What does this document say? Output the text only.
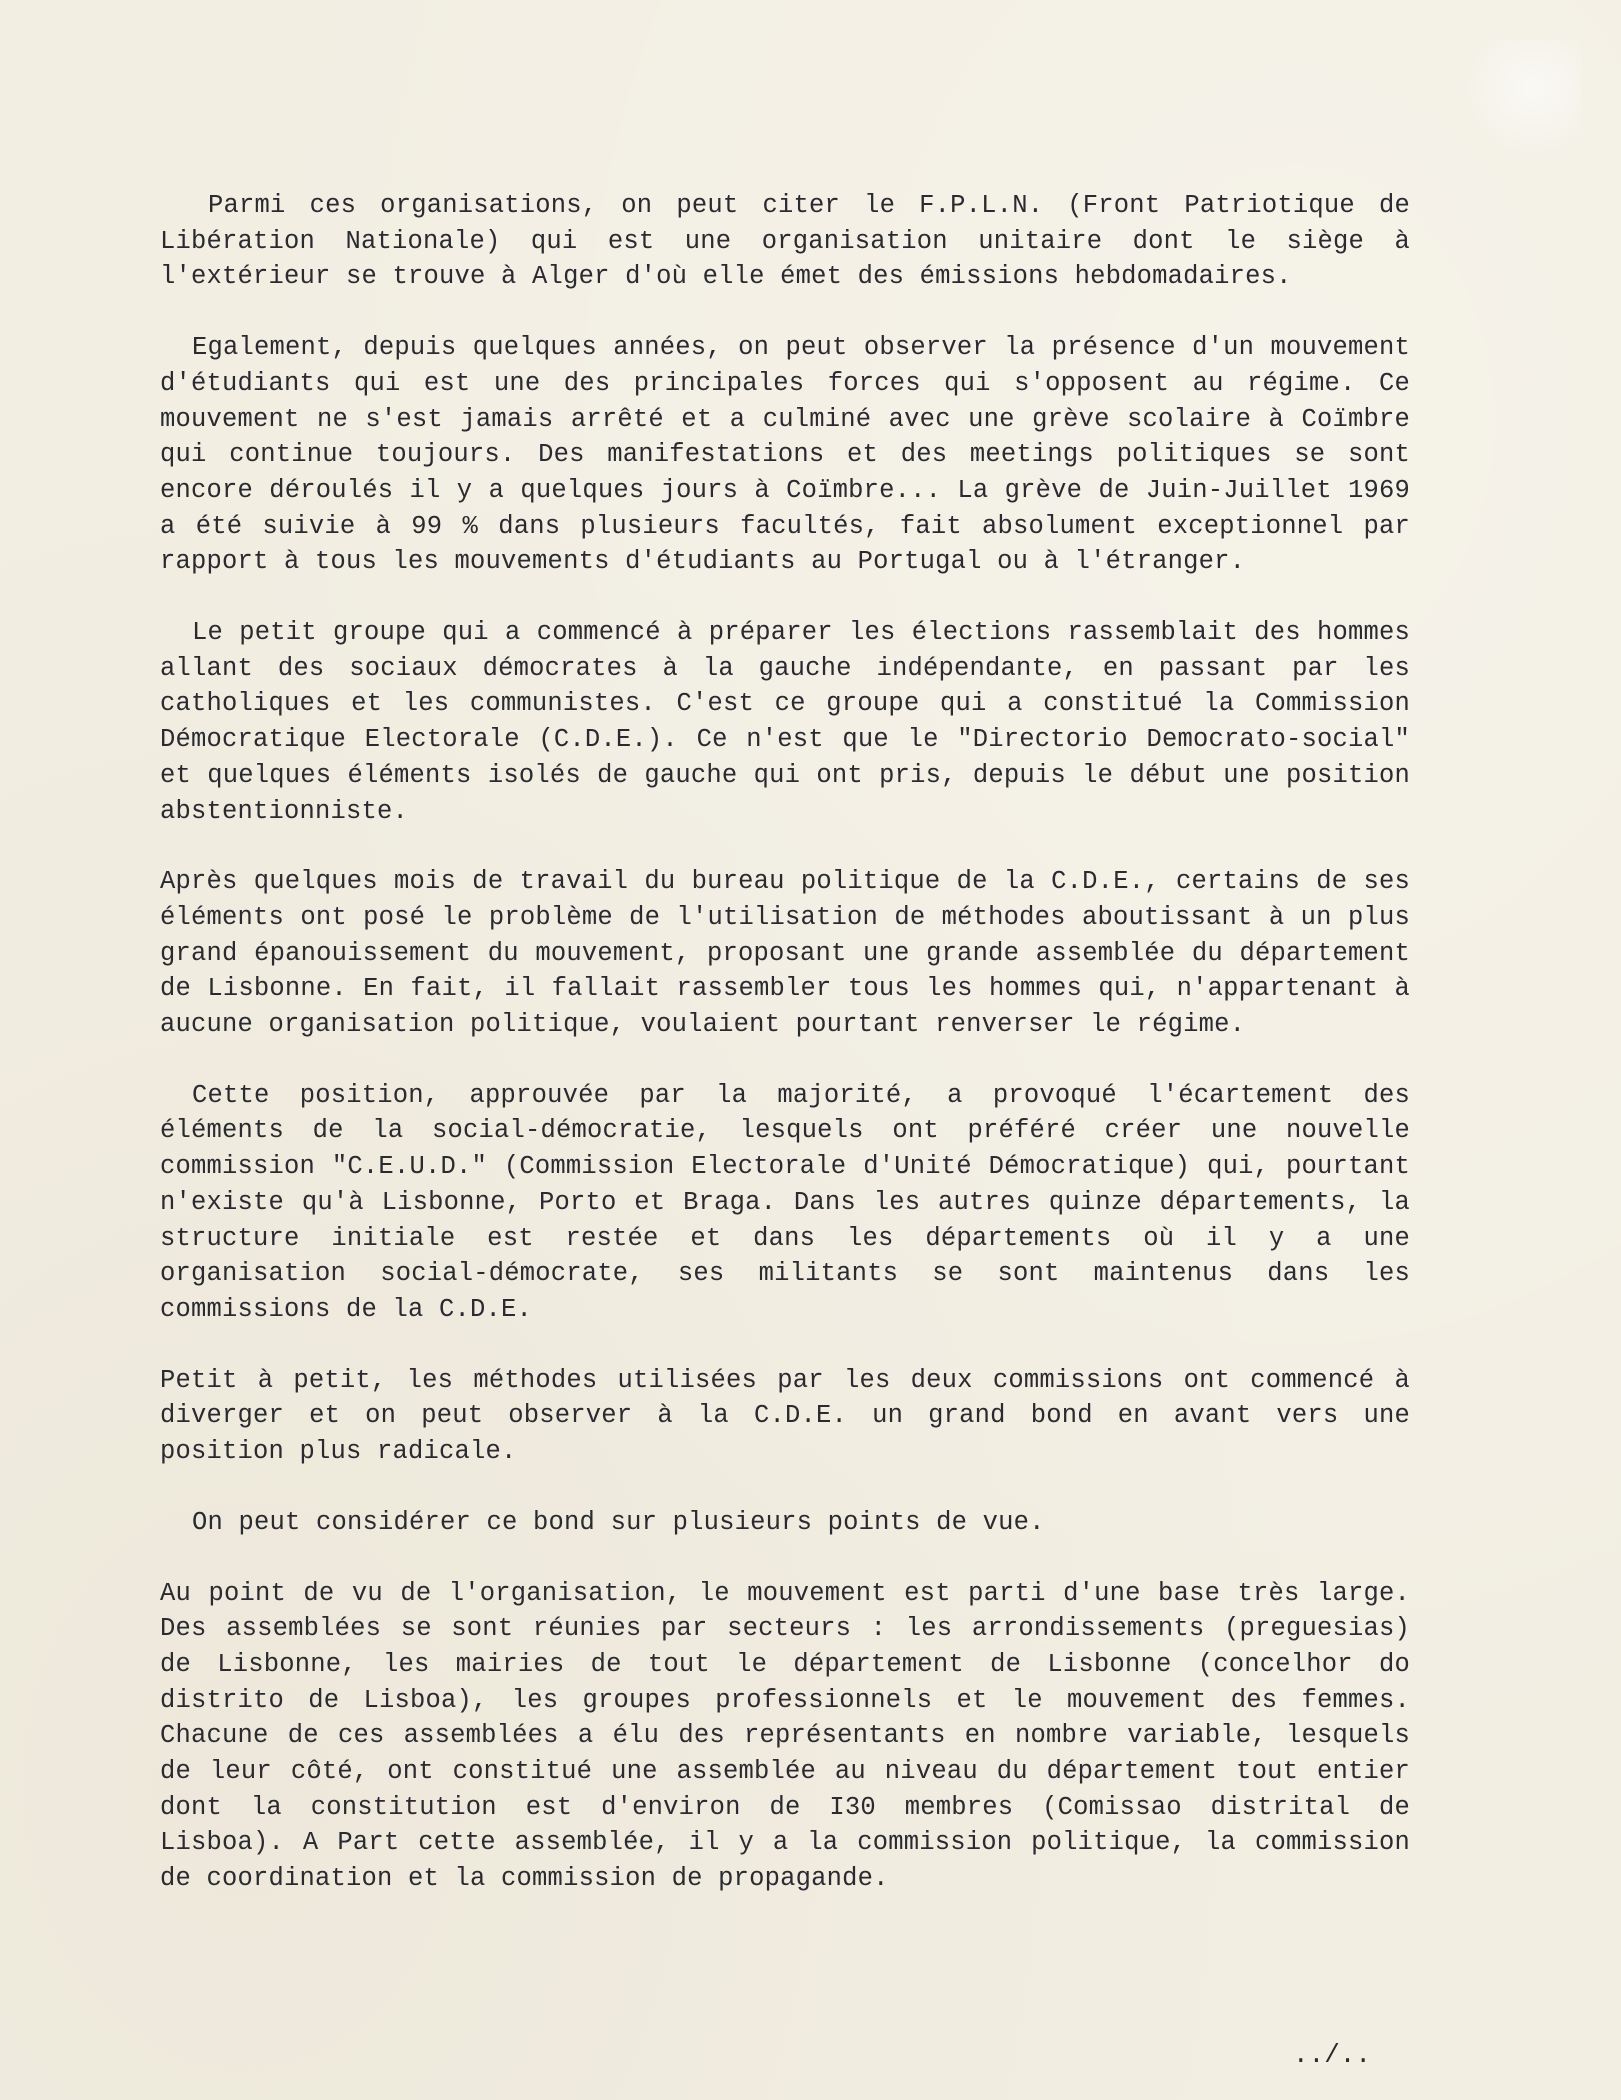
Parmi ces organisations, on peut citer le F.P.L.N. (Front Patriotique de Libération Nationale) qui est une organisation unitaire dont le siège à l'extérieur se trouve à Alger d'où elle émet des émissions hebdomadaires.

Egalement, depuis quelques années, on peut observer la présence d'un mouvement d'étudiants qui est une des principales forces qui s'opposent au régime. Ce mouvement ne s'est jamais arrêté et a culminé avec une grève scolaire à Coïmbre qui continue toujours. Des manifestations et des meetings politiques se sont encore déroulés il y a quelques jours à Coïmbre... La grève de Juin-Juillet 1969 a été suivie à 99 % dans plusieurs facultés, fait absolument exceptionnel par rapport à tous les mouvements d'étudiants au Portugal ou à l'étranger.

Le petit groupe qui a commencé à préparer les élections rassemblait des hommes allant des sociaux démocrates à la gauche indépendante, en passant par les catholiques et les communistes. C'est ce groupe qui a constitué la Commission Démocratique Electorale (C.D.E.). Ce n'est que le "Directorio Democrato-social" et quelques éléments isolés de gauche qui ont pris, depuis le début une position abstentionniste.

Après quelques mois de travail du bureau politique de la C.D.E., certains de ses éléments ont posé le problème de l'utilisation de méthodes aboutissant à un plus grand épanouissement du mouvement, proposant une grande assemblée du département de Lisbonne. En fait, il fallait rassembler tous les hommes qui, n'appartenant à aucune organisation politique, voulaient pourtant renverser le régime.

Cette position, approuvée par la majorité, a provoqué l'écartement des éléments de la social-démocratie, lesquels ont préféré créer une nouvelle commission "C.E.U.D." (Commission Electorale d'Unité Démocratique) qui, pourtant n'existe qu'à Lisbonne, Porto et Braga. Dans les autres quinze départements, la structure initiale est restée et dans les départements où il y a une organisation social-démocrate, ses militants se sont maintenus dans les commissions de la C.D.E.

Petit à petit, les méthodes utilisées par les deux commissions ont commencé à diverger et on peut observer à la C.D.E. un grand bond en avant vers une position plus radicale.

On peut considérer ce bond sur plusieurs points de vue.

Au point de vu de l'organisation, le mouvement est parti d'une base très large. Des assemblées se sont réunies par secteurs : les arrondissements (preguesias) de Lisbonne, les mairies de tout le département de Lisbonne (concelhor do distrito de Lisboa), les groupes professionnels et le mouvement des femmes. Chacune de ces assemblées a élu des représentants en nombre variable, lesquels de leur côté, ont constitué une assemblée au niveau du département tout entier dont la constitution est d'environ de I30 membres (Comissao distrital de Lisboa). A Part cette assemblée, il y a la commission politique, la commission de coordination et la commission de propagande.

../..
